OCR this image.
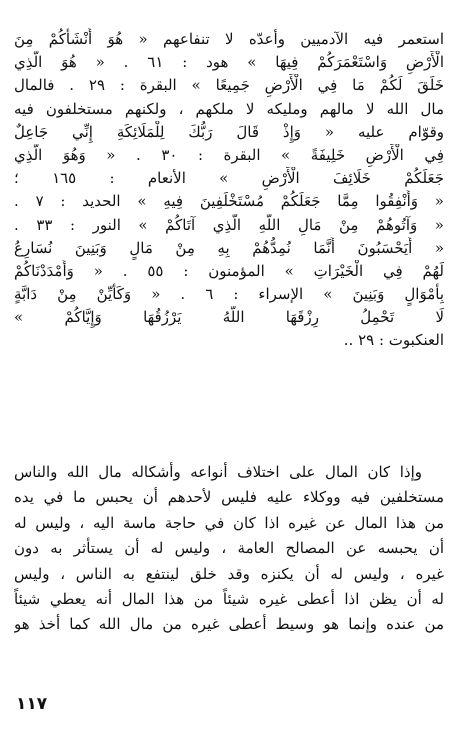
استعمر فيه الآدميين وأعدّه لا تنفاعهم « هُوَ أَنْشَأَكُمْ مِنَ
الْأَرْضِ وَاسْتَعْمَرَكُمْ فِيهَا » هود : ٦١ . « هُوَ الَّذِي
خَلَقَ لَكُمْ مَا فِي الْأَرْضِ جَمِيعًا » البقرة : ٢٩ . فالمال
مال الله لا مالهم ومليكه لا ملكهم ، ولكنهم مستخلفون فيه
وقوّام عليه « وَإِذْ قَالَ رَبُّكَ لِلْمَلَائِكَةِ إِنِّي جَاعِلٌ
فِي الْأَرْضِ خَلِيفَةً » البقرة : ٣٠ . « وَهُوَ الَّذِي
جَعَلَكُمْ خَلَائِفَ الْأَرْضِ » الأنعام : ١٦٥ ؛
« وَأَنْفِقُوا مِمَّا جَعَلَكُمْ مُسْتَخْلَفِينَ فِيهِ » الحديد : ٧ .
« وَآتُوهُمْ مِنْ مَالِ اللَّهِ الَّذِي آتَاكُمْ » النور : ٣٣ .
« أَيَحْسَبُونَ أَنَّمَا نُمِدُّهُمْ بِهِ مِنْ مَالٍ وَبَنِينَ نُسَارِعُ
لَهُمْ فِي الْخَيْرَاتِ » المؤمنون : ٥٥ . « وَأَمْدَدْنَاكُمْ
بِأَمْوَالٍ وَبَنِينَ » الإسراء : ٦ . « وَكَأَيِّنْ مِنْ دَابَّةٍ
لَا تَحْمِلُ رِزْقَهَا اللَّهُ يَرْزُقُهَا وَإِيَّاكُمْ »
العنكبوت : ٢٩ ..
وإذا كان المال على اختلاف أنواعه وأشكاله مال الله والناس
مستخلفين فيه ووكلاء عليه فليس لأحدهم أن يحبس ما في يده
من هذا المال عن غيره اذا كان في حاجة ماسة اليه ، وليس له
أن يحبسه عن المصالح العامة ، وليس له أن يستأثر به دون
غيره ، وليس له أن يكنزه وقد خلق لينتفع به الناس ، وليس
له أن يظن اذا أعطى غيره شيئاً من هذا المال أنه يعطي شيئاً
من عنده وإنما هو وسيط أعطى غيره من مال الله كما أخذ هو
١١٧
